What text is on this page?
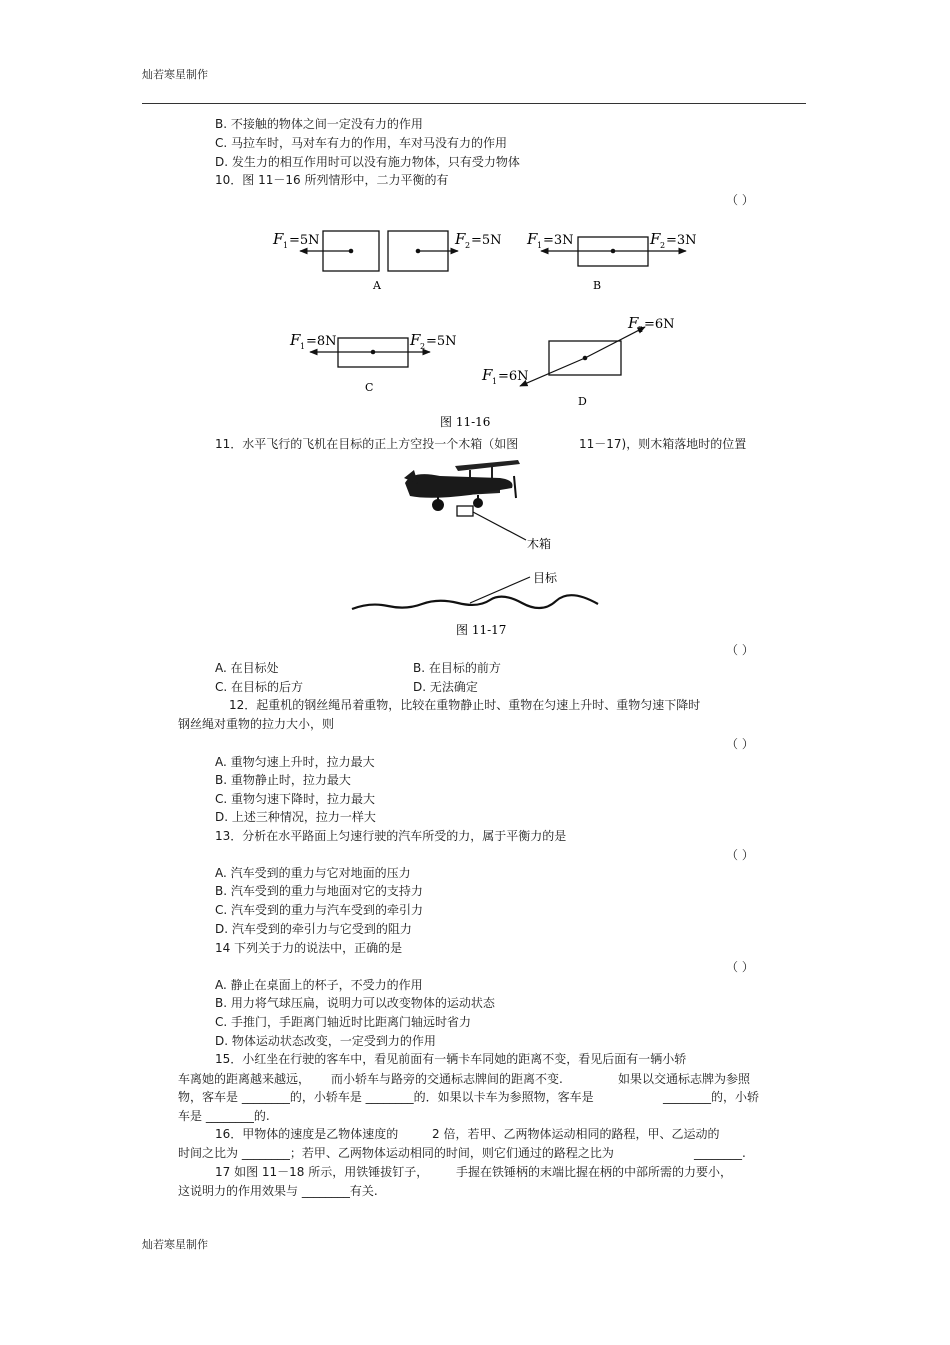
灿若寒星制作
灿若寒星制作
B. 不接触的物体之间一定没有力的作用
C. 马拉车时，马对车有力的作用，车对马没有力的作用
D. 发生力的相互作用时可以没有施力物体，只有受力物体
10．图 11－16 所列情形中，二力平衡的有
（ ）
F 1 =5N	F 2 =5N
A
F 1 =3N	F 2 =3N
B
F 1 =8N	F 2 =5N
C
F 2 =6N
F 1 =6N
D
图 11-16
11．水平飞行的飞机在目标的正上方空投一个木箱（如图	11－17)，则木箱落地时的位置
木箱
目标
图 11-17
（ ）
A. 在目标处	B. 在目标的前方
C. 在目标的后方	D. 无法确定
12．起重机的钢丝绳吊着重物，比较在重物静止时、重物在匀速上升时、重物匀速下降时
钢丝绳对重物的拉力大小，则
（ ）
A. 重物匀速上升时，拉力最大
B. 重物静止时，拉力最大
C. 重物匀速下降时，拉力最大
D. 上述三种情况，拉力一样大
13．分析在水平路面上匀速行驶的汽车所受的力，属于平衡力的是
（ ）
A. 汽车受到的重力与它对地面的压力
B. 汽车受到的重力与地面对它的支持力
C. 汽车受到的重力与汽车受到的牵引力
D. 汽车受到的牵引力与它受到的阻力
14 下列关于力的说法中，正确的是
（ ）
A. 静止在桌面上的杯子，不受力的作用
B. 用力将气球压扁，说明力可以改变物体的运动状态
C. 手推门，手距离门轴近时比距离门轴远时省力
D. 物体运动状态改变，一定受到力的作用
15．小红坐在行驶的客车中，看见前面有一辆卡车同她的距离不变，看见后面有一辆小轿
车离她的距离越来越远， 而小轿车与路旁的交通标志牌间的距离不变.	如果以交通标志牌为参照
物，客车是 ________的，小轿车是 ________的．如果以卡车为参照物，客车是	________的，小轿
车是 ________的.
16．甲物体的速度是乙物体速度的	2 倍，若甲、乙两物体运动相同的路程，甲、乙运动的
时间之比为 ________；若甲、乙两物体运动相同的时间，则它们通过的路程之比为	________.
17 如图 11－18 所示，用铁锤拔钉子， 手握在铁锤柄的末端比握在柄的中部所需的力要小，
这说明力的作用效果与 ________有关.
